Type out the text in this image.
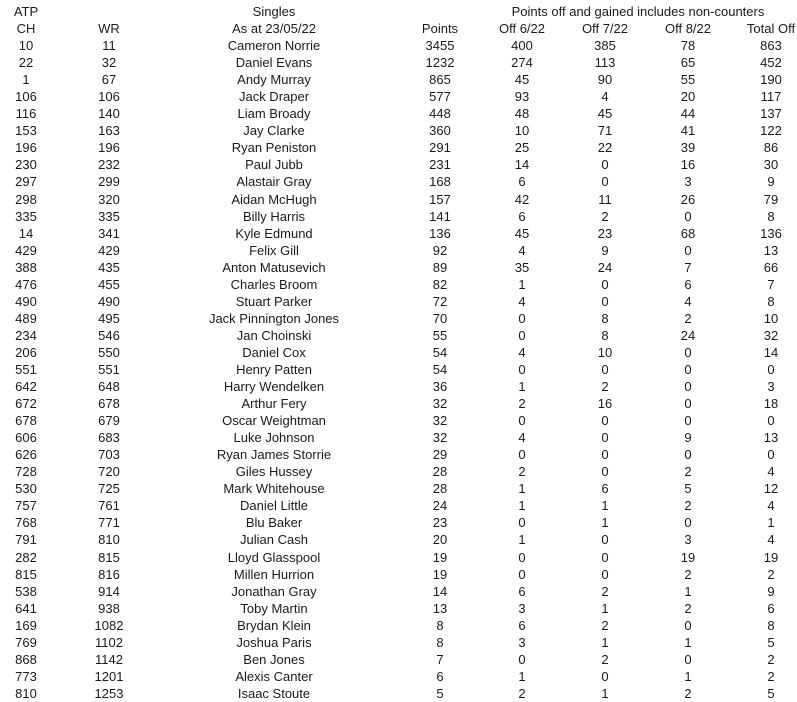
ATP	Singles	Points off and gained includes non-counters
CH	WR	As at 23/05/22	Points	Off 6/22	Off 7/22	Off 8/22	Total Off
10	11	Cameron Norrie	3455	400	385	78	863
22	32	Daniel Evans	1232	274	113	65	452
1	67	Andy Murray	865	45	90	55	190
106	106	Jack Draper	577	93	4	20	117
116	140	Liam Broady	448	48	45	44	137
153	163	Jay Clarke	360	10	71	41	122
196	196	Ryan Peniston	291	25	22	39	86
230	232	Paul Jubb	231	14	0	16	30
297	299	Alastair Gray	168	6	0	3	9
298	320	Aidan McHugh	157	42	11	26	79
335	335	Billy Harris	141	6	2	0	8
14	341	Kyle Edmund	136	45	23	68	136
429	429	Felix Gill	92	4	9	0	13
388	435	Anton Matusevich	89	35	24	7	66
476	455	Charles Broom	82	1	0	6	7
490	490	Stuart Parker	72	4	0	4	8
489	495	Jack Pinnington Jones	70	0	8	2	10
234	546	Jan Choinski	55	0	8	24	32
206	550	Daniel Cox	54	4	10	0	14
551	551	Henry Patten	54	0	0	0	0
642	648	Harry Wendelken	36	1	2	0	3
672	678	Arthur Fery	32	2	16	0	18
678	679	Oscar Weightman	32	0	0	0	0
606	683	Luke Johnson	32	4	0	9	13
626	703	Ryan James Storrie	29	0	0	0	0
728	720	Giles Hussey	28	2	0	2	4
530	725	Mark Whitehouse	28	1	6	5	12
757	761	Daniel Little	24	1	1	2	4
768	771	Blu Baker	23	0	1	0	1
791	810	Julian Cash	20	1	0	3	4
282	815	Lloyd Glasspool	19	0	0	19	19
815	816	Millen Hurrion	19	0	0	2	2
538	914	Jonathan Gray	14	6	2	1	9
641	938	Toby Martin	13	3	1	2	6
169	1082	Brydan Klein	8	6	2	0	8
769	1102	Joshua Paris	8	3	1	1	5
868	1142	Ben Jones	7	0	2	0	2
773	1201	Alexis Canter	6	1	0	1	2
810	1253	Isaac Stoute	5	2	1	2	5
